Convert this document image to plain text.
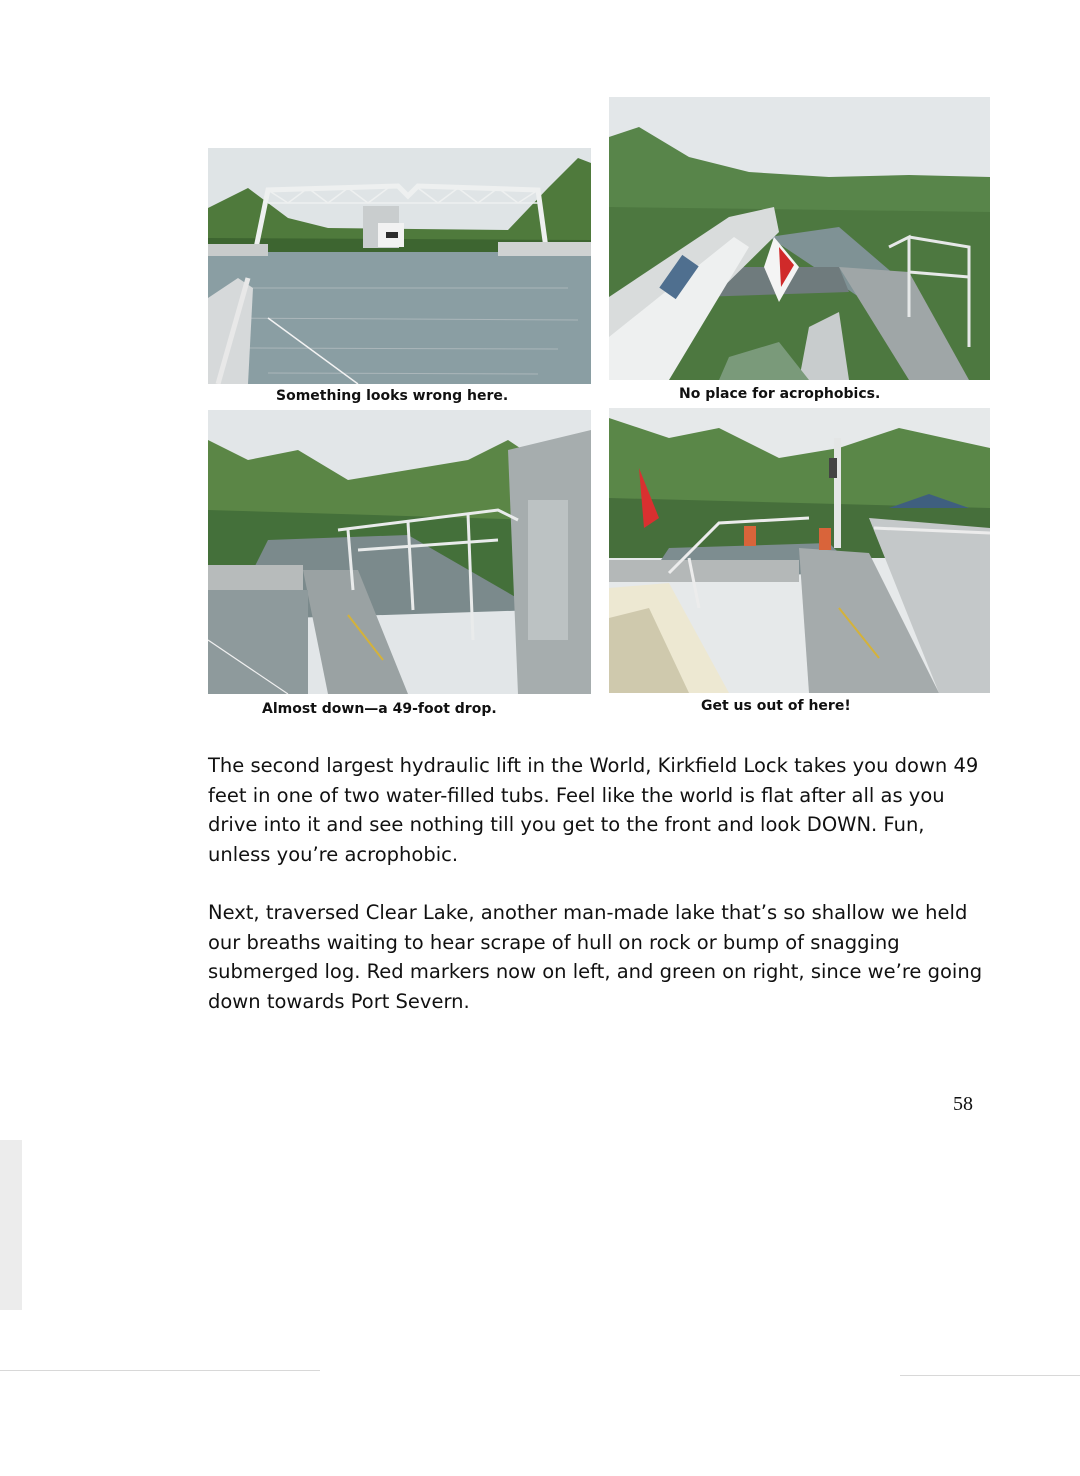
Something looks wrong here.	No place for acrophobics.
Almost down—a 49-foot drop.	Get us out of here!

The second largest hydraulic lift in the World, Kirkfield Lock takes you down 49 feet in one of two water-filled tubs. Feel like the world is flat after all as you drive into it and see nothing till you get to the front and look DOWN. Fun, unless you’re acrophobic.

Next, traversed Clear Lake, another man-made lake that’s so shallow we held our breaths waiting to hear scrape of hull on rock or bump of snagging submerged log. Red markers now on left, and green on right, since we’re going down towards Port Severn.

58
